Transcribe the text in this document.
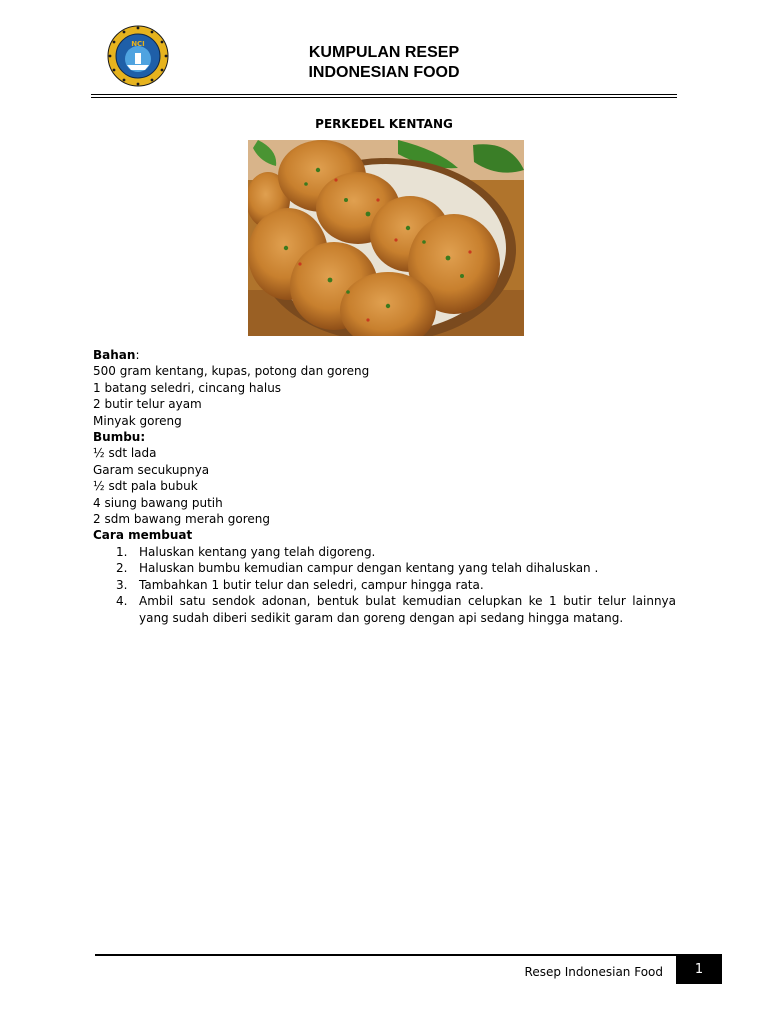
NCI	KUMPULAN RESEP
INDONESIAN FOOD
PERKEDEL KENTANG
Bahan:
500 gram kentang, kupas, potong dan goreng
1 batang seledri, cincang halus
2 butir telur ayam
Minyak goreng
Bumbu:
½ sdt lada
Garam secukupnya
½ sdt pala bubuk
4 siung bawang putih
2 sdm bawang merah goreng
Cara membuat
1. Haluskan kentang yang telah digoreng.
2. Haluskan bumbu kemudian campur dengan kentang yang telah dihaluskan .
3. Tambahkan 1 butir telur dan seledri, campur hingga rata.
4. Ambil satu sendok adonan, bentuk bulat kemudian celupkan ke 1 butir telur lainnya yang sudah diberi sedikit garam dan goreng dengan api sedang hingga matang.
Resep Indonesian Food	1
